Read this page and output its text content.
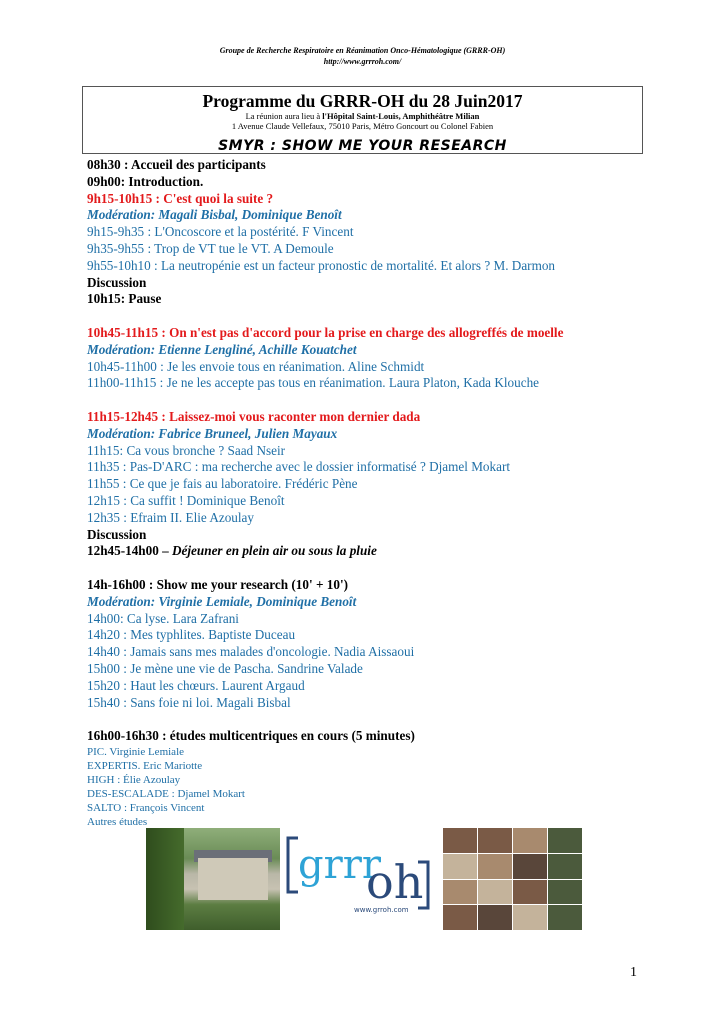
Groupe de Recherche Respiratoire en Réanimation Onco-Hématologique (GRRR-OH)
http://www.grrroh.com/
Programme du GRRR-OH du 28 Juin2017
La réunion aura lieu à l'Hôpital Saint-Louis, Amphithéâtre Milian
1 Avenue Claude Vellefaux, 75010 Paris, Métro Goncourt ou Colonel Fabien
SMYR : SHOW ME YOUR RESEARCH
08h30 : Accueil des participants
09h00: Introduction.
9h15-10h15 : C'est quoi la suite ?
Modération: Magali Bisbal, Dominique Benoît
9h15-9h35 : L'Oncoscore et la postérité. F Vincent
9h35-9h55 : Trop de VT tue le VT. A Demoule
9h55-10h10 : La neutropénie est un facteur pronostic de mortalité. Et alors ? M. Darmon
Discussion
10h15: Pause
10h45-11h15 : On n'est pas d'accord pour la prise en charge des allogreffés de moelle
Modération: Etienne Lengliné, Achille Kouatchet
10h45-11h00 : Je les envoie tous en réanimation. Aline Schmidt
11h00-11h15 : Je ne les accepte pas tous en réanimation. Laura Platon, Kada Klouche
11h15-12h45 : Laissez-moi vous raconter mon dernier dada
Modération: Fabrice Bruneel, Julien Mayaux
11h15: Ca vous bronche ? Saad Nseir
11h35 : Pas-D'ARC : ma recherche avec le dossier informatisé ? Djamel Mokart
11h55 : Ce que je fais au laboratoire. Frédéric Pène
12h15 : Ca suffit ! Dominique Benoît
12h35 : Efraim II. Elie Azoulay
Discussion
12h45-14h00 – Déjeuner en plein air ou sous la pluie
14h-16h00 : Show me your research (10' + 10')
Modération: Virginie Lemiale, Dominique Benoît
14h00: Ca lyse. Lara Zafrani
14h20 : Mes typhlites. Baptiste Duceau
14h40 : Jamais sans mes malades d'oncologie. Nadia Aissaoui
15h00 : Je mène une vie de Pascha. Sandrine Valade
15h20 : Haut les chœurs. Laurent Argaud
15h40 : Sans foie ni loi. Magali Bisbal
16h00-16h30 : études multicentriques en cours (5 minutes)
PIC. Virginie Lemiale
EXPERTIS. Eric Mariotte
HIGH : Élie Azoulay
DES-ESCALADE : Djamel Mokart
SALTO : François Vincent
Autres études
grrr
oh
www.grroh.com
1
